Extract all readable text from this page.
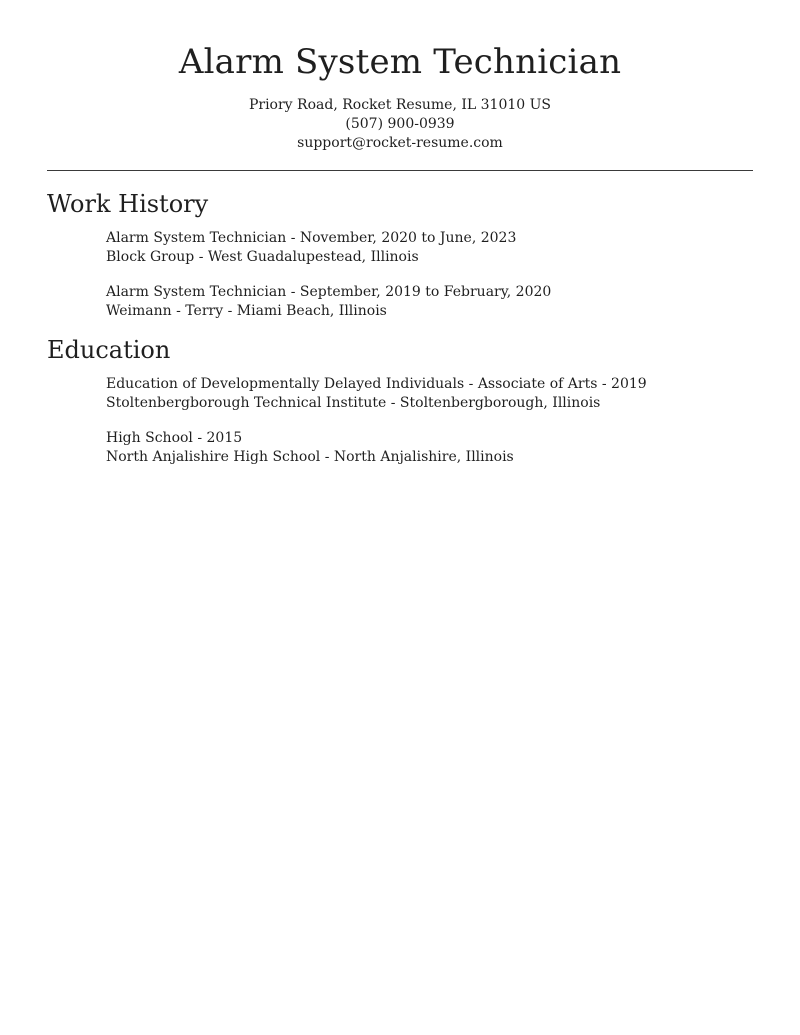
Alarm System Technician

Priory Road, Rocket Resume, IL 31010 US

(507) 900-0939

support@rocket-resume.com

Work History

Alarm System Technician - November, 2020 to June, 2023

Block Group - West Guadalupestead, Illinois

Alarm System Technician - September, 2019 to February, 2020

Weimann - Terry - Miami Beach, Illinois

Education

Education of Developmentally Delayed Individuals - Associate of Arts - 2019

Stoltenbergborough Technical Institute - Stoltenbergborough, Illinois

High School - 2015

North Anjalishire High School - North Anjalishire, Illinois
